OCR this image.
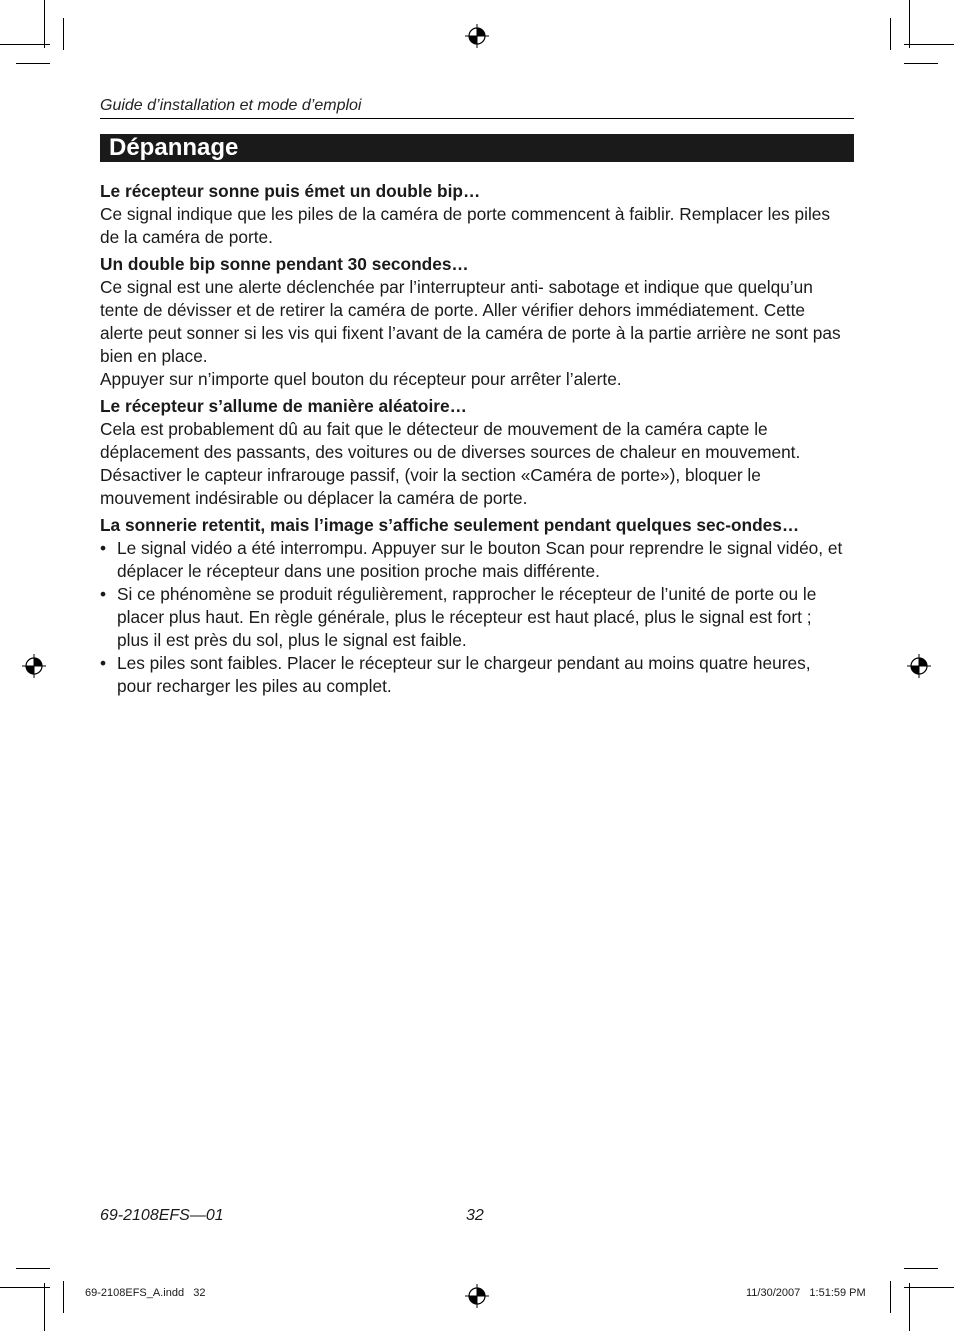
Guide d’installation et mode d’emploi
Dépannage
Le récepteur sonne puis émet un double bip…

Ce signal indique que les piles de la caméra de porte commencent à faiblir. Remplacer les piles de la caméra de porte.

Un double bip sonne pendant 30 secondes…

Ce signal est une alerte déclenchée par l’interrupteur anti- sabotage et indique que quelqu’un tente de dévisser et de retirer la caméra de porte. Aller vérifier dehors immédiatement. Cette alerte peut sonner si les vis qui fixent l’avant de la caméra de porte à la partie arrière ne sont pas bien en place.

Appuyer sur n’importe quel bouton du récepteur pour arrêter l’alerte.

Le récepteur s’allume de manière aléatoire…

Cela est probablement dû au fait que le détecteur de mouvement de la caméra capte le déplacement des passants, des voitures ou de diverses sources de chaleur en mouvement. Désactiver le capteur infrarouge passif, (voir la section «Caméra de porte»), bloquer le mouvement indésirable ou déplacer la caméra de porte.

La sonnerie retentit, mais l’image s’affiche seulement pendant quelques sec-ondes…
• Le signal vidéo a été interrompu. Appuyer sur le bouton Scan pour reprendre le signal vidéo, et déplacer le récepteur dans une position proche mais différente.
• Si ce phénomène se produit régulièrement, rapprocher le récepteur de l’unité de porte ou le placer plus haut. En règle générale, plus le récepteur est haut placé, plus le signal est fort ; plus il est près du sol, plus le signal est faible.
• Les piles sont faibles. Placer le récepteur sur le chargeur pendant au moins quatre heures, pour recharger les piles au complet.
69-2108EFS—01	32
69-2108EFS_A.indd   32	11/30/2007   1:51:59 PM
